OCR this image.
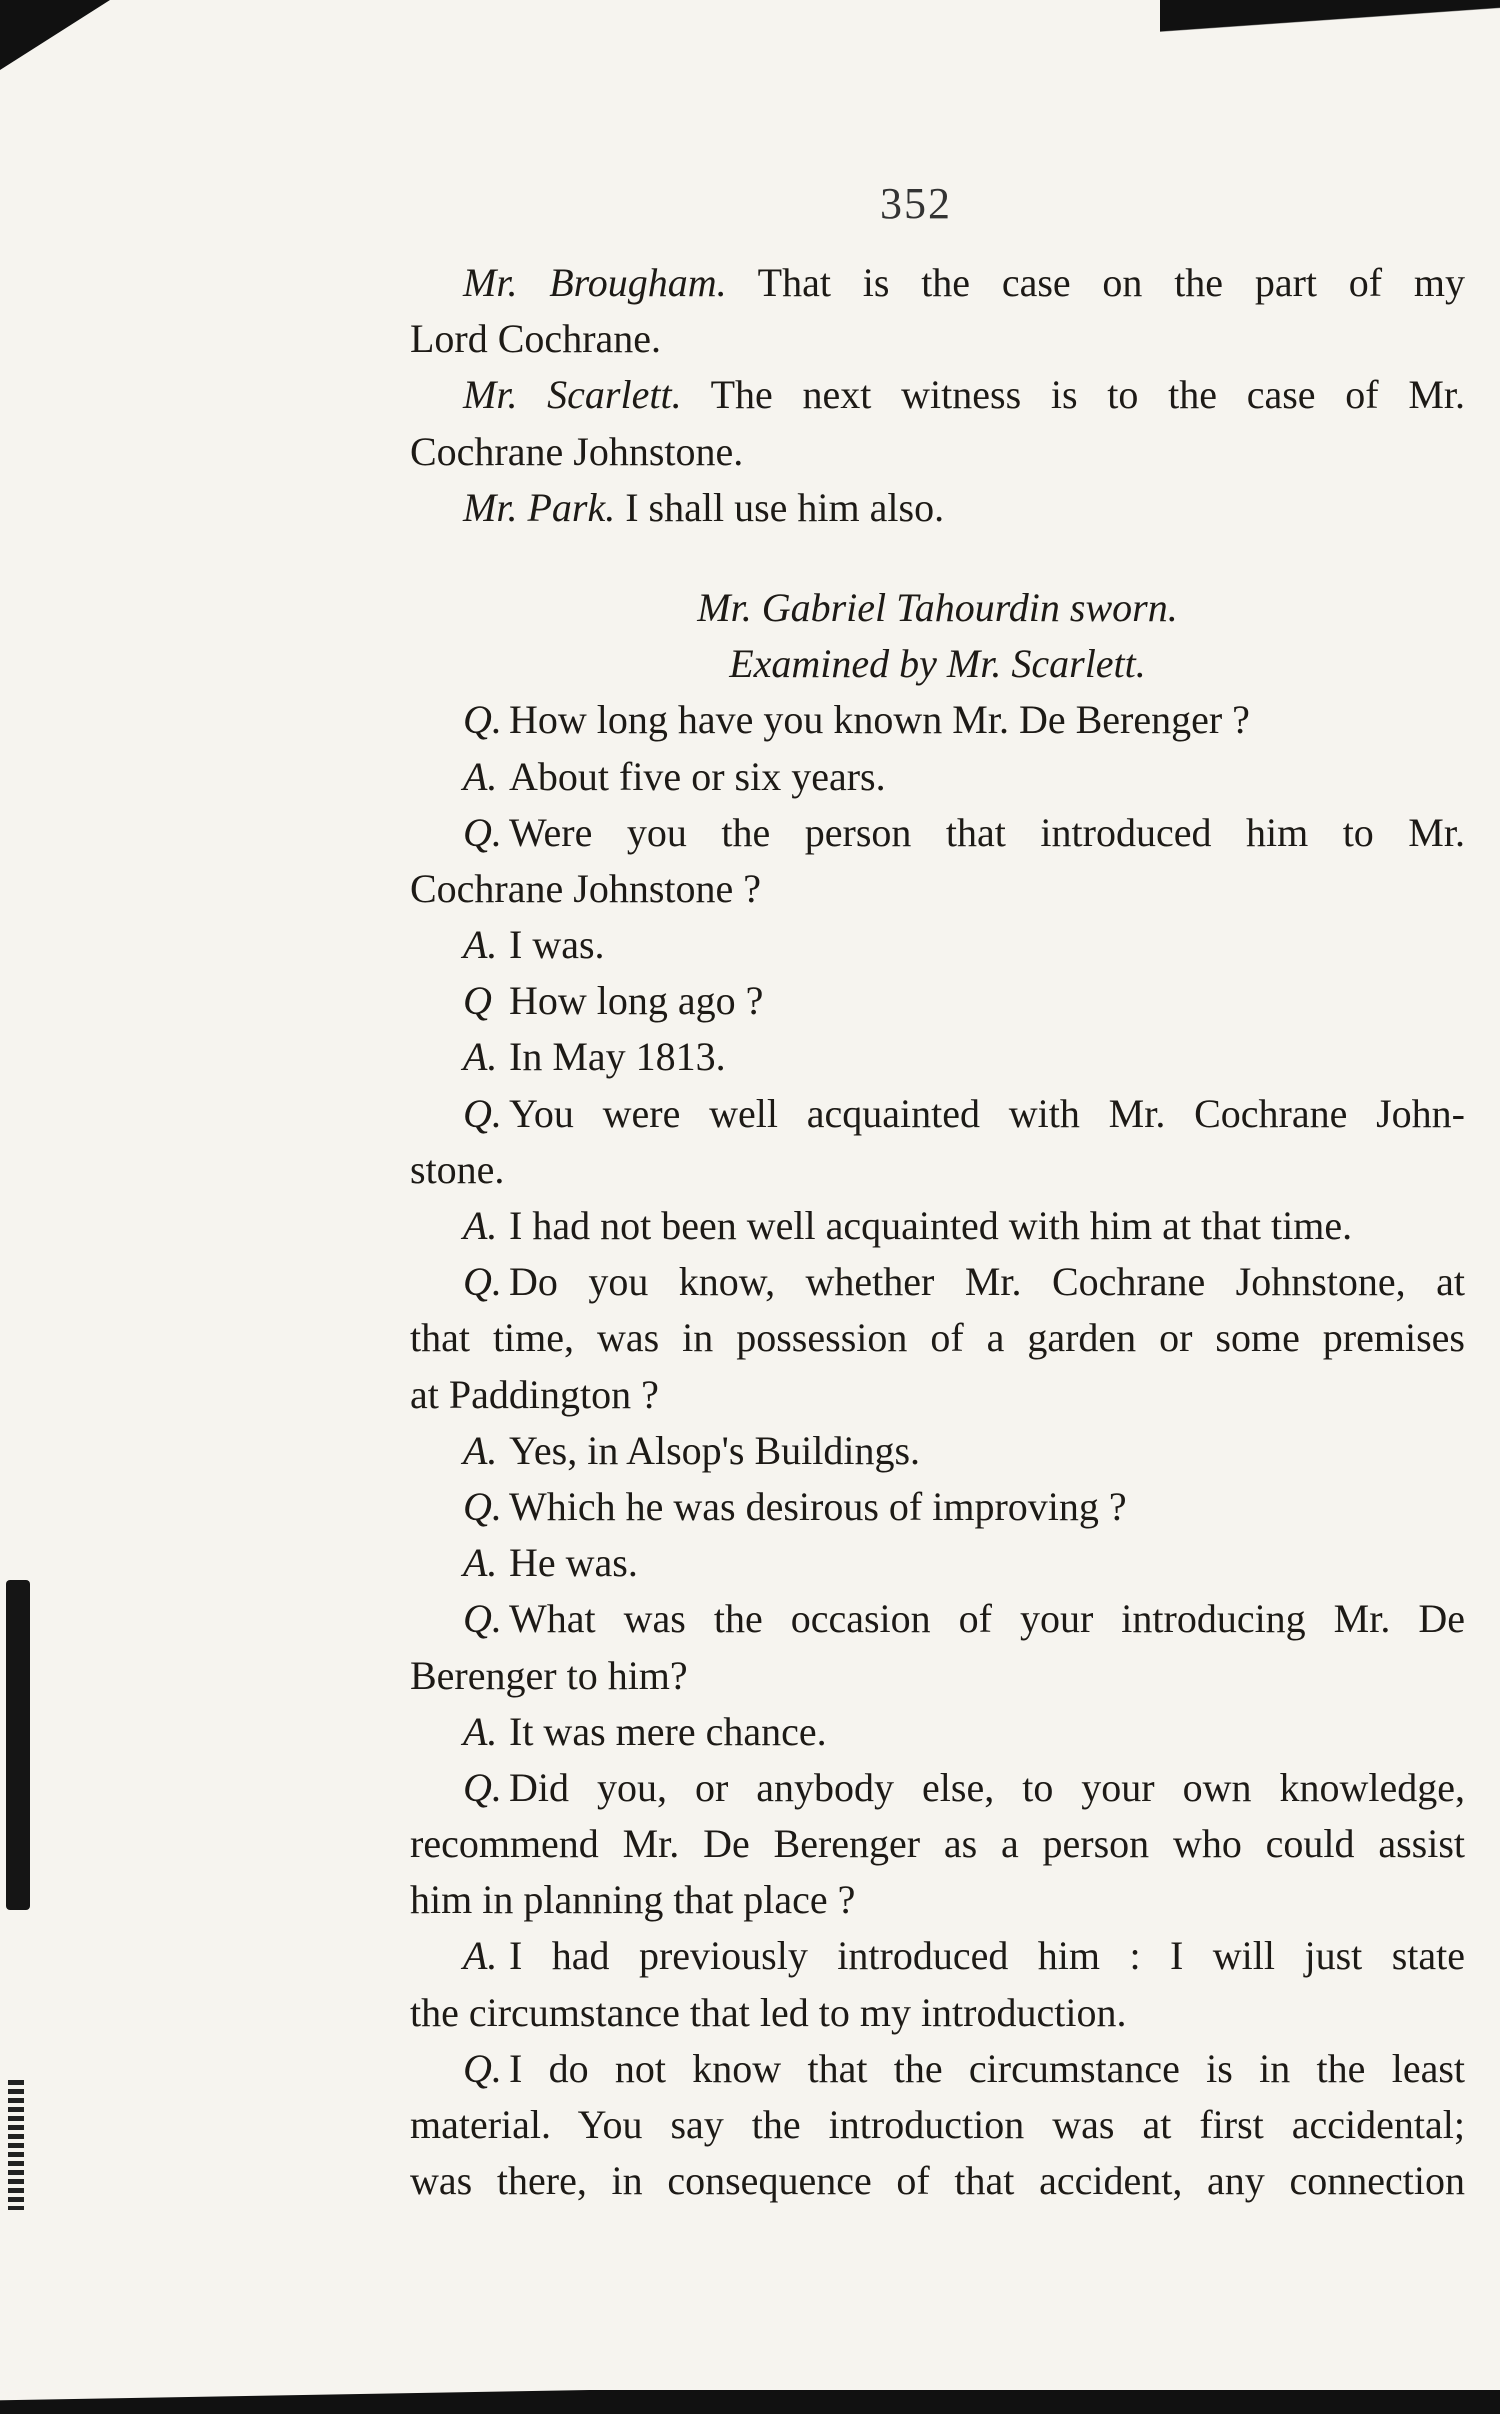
352
Mr. Brougham. That is the case on the part of my
Lord Cochrane.
Mr. Scarlett. The next witness is to the case of Mr.
Cochrane Johnstone.
Mr. Park. I shall use him also.
Mr. Gabriel Tahourdin sworn.
Examined by Mr. Scarlett.
Q. How long have you known Mr. De Berenger ?
A. About five or six years.
Q. Were you the person that introduced him to Mr.
Cochrane Johnstone ?
A. I was.
Q How long ago ?
A. In May 1813.
Q. You were well acquainted with Mr. Cochrane John-
stone.
A. I had not been well acquainted with him at that time.
Q. Do you know, whether Mr. Cochrane Johnstone, at
that time, was in possession of a garden or some premises
at Paddington ?
A. Yes, in Alsop's Buildings.
Q. Which he was desirous of improving ?
A. He was.
Q. What was the occasion of your introducing Mr. De
Berenger to him?
A. It was mere chance.
Q. Did you, or anybody else, to your own knowledge,
recommend Mr. De Berenger as a person who could assist
him in planning that place ?
A. I had previously introduced him : I will just state
the circumstance that led to my introduction.
Q. I do not know that the circumstance is in the least
material. You say the introduction was at first accidental;
was there, in consequence of that accident, any connection
